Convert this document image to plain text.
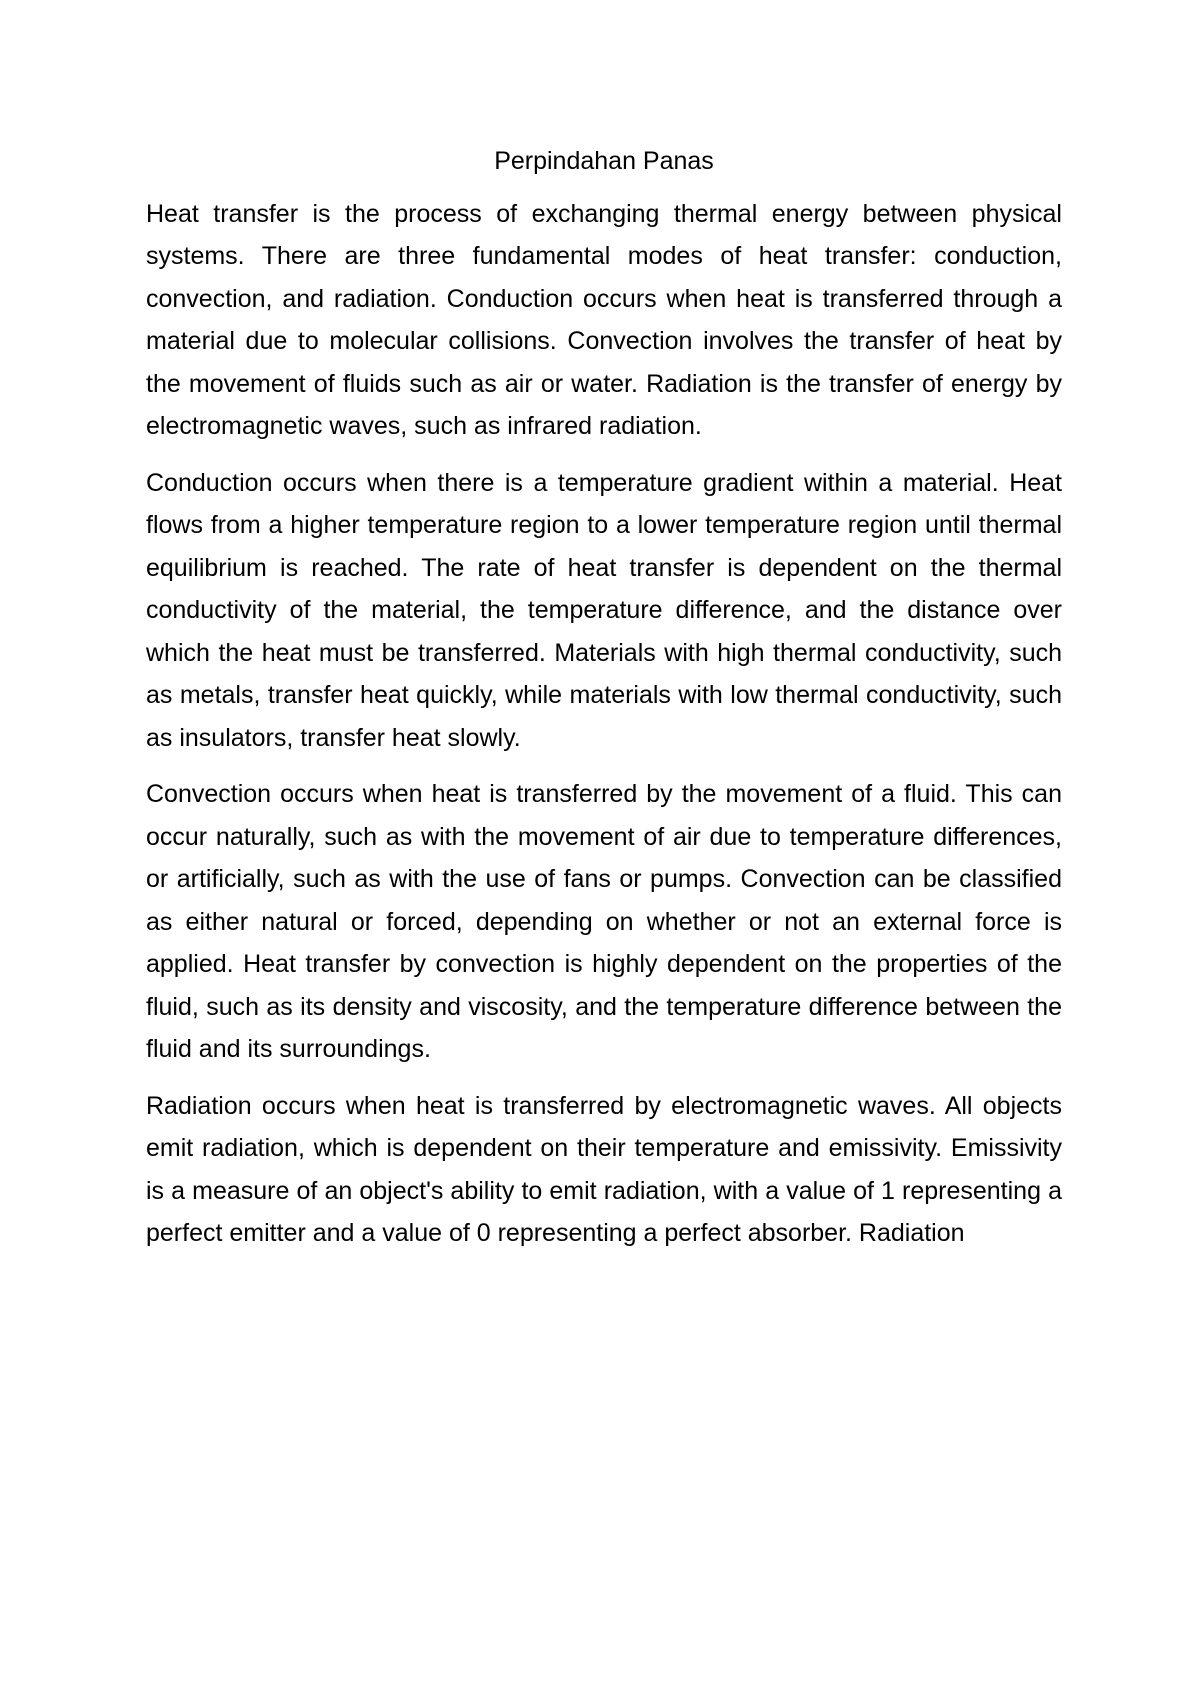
Perpindahan Panas

Heat transfer is the process of exchanging thermal energy between physical systems. There are three fundamental modes of heat transfer: conduction, convection, and radiation. Conduction occurs when heat is transferred through a material due to molecular collisions. Convection involves the transfer of heat by the movement of fluids such as air or water. Radiation is the transfer of energy by electromagnetic waves, such as infrared radiation.

Conduction occurs when there is a temperature gradient within a material. Heat flows from a higher temperature region to a lower temperature region until thermal equilibrium is reached. The rate of heat transfer is dependent on the thermal conductivity of the material, the temperature difference, and the distance over which the heat must be transferred. Materials with high thermal conductivity, such as metals, transfer heat quickly, while materials with low thermal conductivity, such as insulators, transfer heat slowly.

Convection occurs when heat is transferred by the movement of a fluid. This can occur naturally, such as with the movement of air due to temperature differences, or artificially, such as with the use of fans or pumps. Convection can be classified as either natural or forced, depending on whether or not an external force is applied. Heat transfer by convection is highly dependent on the properties of the fluid, such as its density and viscosity, and the temperature difference between the fluid and its surroundings.

Radiation occurs when heat is transferred by electromagnetic waves. All objects emit radiation, which is dependent on their temperature and emissivity. Emissivity is a measure of an object's ability to emit radiation, with a value of 1 representing a perfect emitter and a value of 0 representing a perfect absorber. Radiation
